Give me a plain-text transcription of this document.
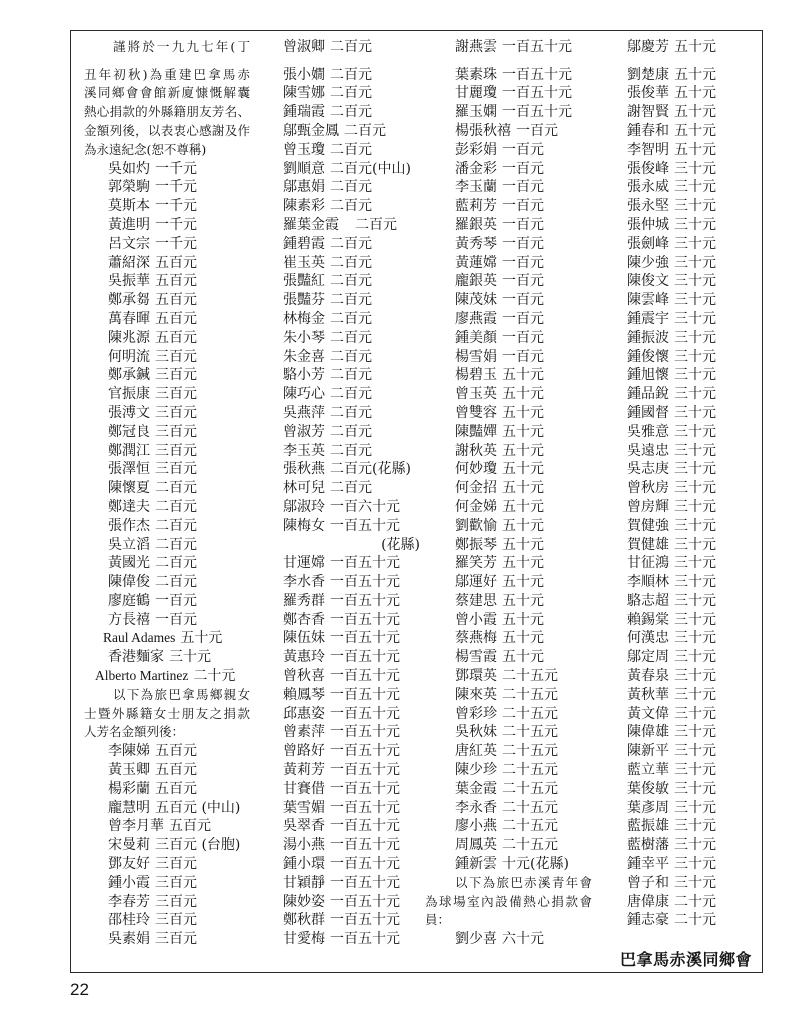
謹將於一九九七年(丁
丑年初秋)為重建巴拿馬赤
溪同鄉會會館新廈慷慨解囊
熱心捐款的外縣籍朋友芳名、
金額列後，以表衷心感謝及作
為永遠紀念(恕不尊稱)
吳如灼 一千元
郭榮駒 一千元
莫斯本 一千元
黃進明 一千元
呂文宗 一千元
蕭紹深 五百元
吳振華 五百元
鄭承芻 五百元
萬春暉 五百元
陳兆源 五百元
何明流 三百元
鄭承鍼 三百元
官振康 三百元
張溥文 三百元
鄭冠良 三百元
鄭潤江 三百元
張澤恒 三百元
陳懷夏 二百元
鄭達夫 二百元
張作杰 二百元
吳立滔 二百元
黃國光 二百元
陳偉俊 二百元
廖庭鶴 一百元
方長禧 一百元
Raul Adames 五十元
香港麵家 三十元
Alberto Martinez 二十元
以下為旅巴拿馬鄉親女
士暨外縣籍女士朋友之捐款
人芳名金額列後：
李陳娣 五百元
黃玉卿 五百元
楊彩蘭 五百元
龐慧明 五百元 (中山)
曾李月華 五百元
宋曼莉 三百元 (台胞)
鄧友好 三百元
鍾小霞 三百元
李春芳 三百元
邵桂玲 三百元
吳素娟 三百元
曾淑卿 二百元
張小嫺 二百元
陳雪娜 二百元
鍾瑞霞 二百元
鄔甄金鳳 二百元
曾玉瓊 二百元
劉順意 二百元(中山)
鄔惠娟 二百元
陳素彩 二百元
羅葉金霞 二百元
鍾碧霞 二百元
崔玉英 二百元
張豔紅 二百元
張豔芬 二百元
林梅金 二百元
朱小琴 二百元
朱金喜 二百元
駱小芳 二百元
陳巧心 二百元
吳燕萍 二百元
曾淑芳 二百元
李玉英 二百元
張秋燕 二百元(花縣)
林可兒 二百元
鄔淑玲 一百六十元
陳梅女 一百五十元
(花縣)
甘運嫦 一百五十元
李水香 一百五十元
羅秀群 一百五十元
鄭杏香 一百五十元
陳伍妹 一百五十元
黃惠玲 一百五十元
曾秋喜 一百五十元
賴鳳琴 一百五十元
邱惠姿 一百五十元
曾素萍 一百五十元
曾路好 一百五十元
黃莉芳 一百五十元
甘賽借 一百五十元
葉雪媚 一百五十元
吳翠香 一百五十元
湯小燕 一百五十元
鍾小環 一百五十元
甘穎靜 一百五十元
陳妙姿 一百五十元
鄭秋群 一百五十元
甘愛梅 一百五十元
謝燕雲 一百五十元
葉素珠 一百五十元
甘麗瓊 一百五十元
羅玉嫻 一百五十元
楊張秋禧 一百元
彭彩娟 一百元
潘金彩 一百元
李玉蘭 一百元
藍莉芳 一百元
羅銀英 一百元
黃秀琴 一百元
黃蓮嫦 一百元
龐銀英 一百元
陳茂妹 一百元
廖燕霞 一百元
鍾美顏 一百元
楊雪娟 一百元
楊碧玉 五十元
曾玉英 五十元
曾雙容 五十元
陳豔嬋 五十元
謝秋英 五十元
何妙瓊 五十元
何金招 五十元
何金娣 五十元
劉歡愉 五十元
鄭振琴 五十元
羅笑芳 五十元
鄔運好 五十元
蔡建思 五十元
曾小霞 五十元
蔡燕梅 五十元
楊雪霞 五十元
鄧環英 二十五元
陳來英 二十五元
曾彩珍 二十五元
吳秋妹 二十五元
唐紅英 二十五元
陳少珍 二十五元
葉金霞 二十五元
李永香 二十五元
廖小燕 二十五元
周鳳英 二十五元
鍾新雲 十元(花縣)
以下為旅巴赤溪青年會
為球場室內設備熱心捐款會
員：
劉少喜 六十元
鄔慶芳 五十元
劉楚康 五十元
張俊華 五十元
謝智賢 五十元
鍾春和 五十元
李智明 五十元
張俊峰 三十元
張永威 三十元
張永堅 三十元
張仲城 三十元
張劍峰 三十元
陳少強 三十元
陳俊文 三十元
陳雲峰 三十元
鍾震宇 三十元
鍾振波 三十元
鍾俊懷 三十元
鍾旭懷 三十元
鍾品銳 三十元
鍾國督 三十元
吳雅意 三十元
吳遠忠 三十元
吳志庚 三十元
曾秋房 三十元
曾房輝 三十元
賀健強 三十元
賀健雄 三十元
甘征鴻 三十元
李順林 三十元
駱志超 三十元
賴錫棠 三十元
何漢忠 三十元
鄔定周 三十元
黃春泉 三十元
黃秋華 三十元
黃文偉 三十元
陳偉雄 三十元
陳新平 三十元
藍立華 三十元
葉俊敏 三十元
葉彥周 三十元
藍振雄 三十元
藍樹藩 三十元
鍾幸平 三十元
曾子和 三十元
唐偉康 二十元
鍾志豪 二十元
巴拿馬赤溪同鄉會
22
